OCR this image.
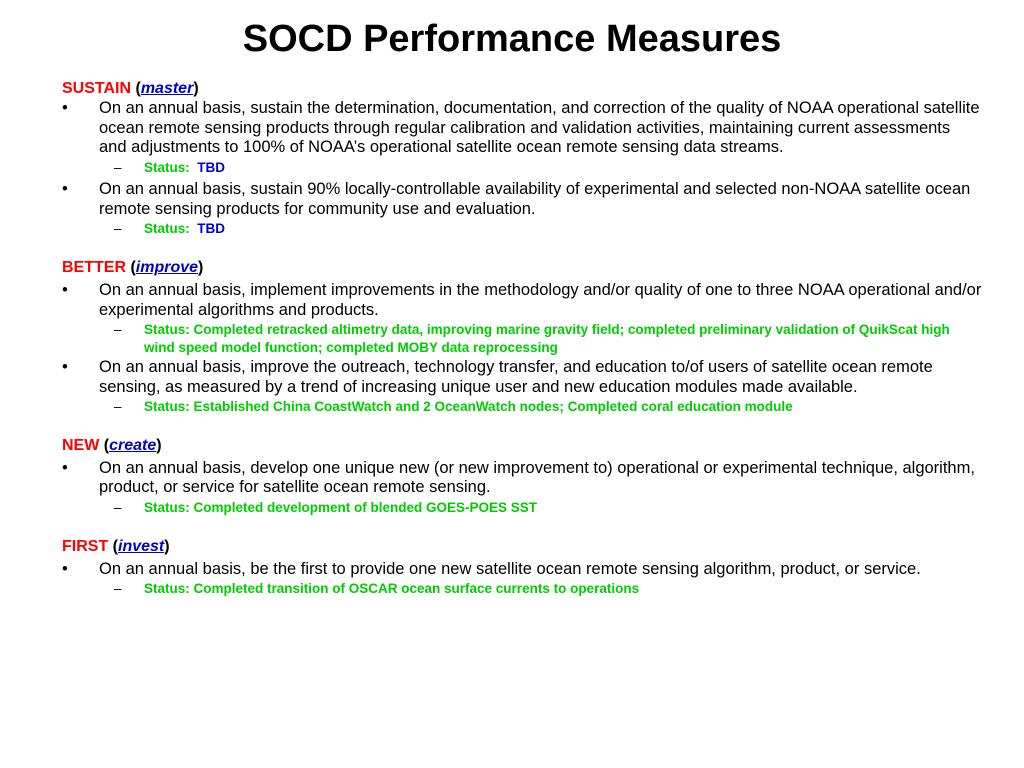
SOCD Performance Measures
SUSTAIN (master)
• On an annual basis, sustain the determination, documentation, and correction of the quality of NOAA operational satellite ocean remote sensing products through regular calibration and validation activities, maintaining current assessments and adjustments to 100% of NOAA’s operational satellite ocean remote sensing data streams.
– Status: TBD
• On an annual basis, sustain 90% locally-controllable availability of experimental and selected non-NOAA satellite ocean remote sensing products for community use and evaluation.
– Status: TBD
BETTER (improve)
• On an annual basis, implement improvements in the methodology and/or quality of one to three NOAA operational and/or experimental algorithms and products.
– Status: Completed retracked altimetry data, improving marine gravity field; completed preliminary validation of QuikScat high wind speed model function; completed MOBY data reprocessing
• On an annual basis, improve the outreach, technology transfer, and education to/of users of satellite ocean remote sensing, as measured by a trend of increasing unique user and new education modules made available.
– Status: Established China CoastWatch and 2 OceanWatch nodes; Completed coral education module
NEW (create)
• On an annual basis, develop one unique new (or new improvement to) operational or experimental technique, algorithm, product, or service for satellite ocean remote sensing.
– Status: Completed development of blended GOES-POES SST
FIRST (invest)
• On an annual basis, be the first to provide one new satellite ocean remote sensing algorithm, product, or service.
– Status: Completed transition of OSCAR ocean surface currents to operations
